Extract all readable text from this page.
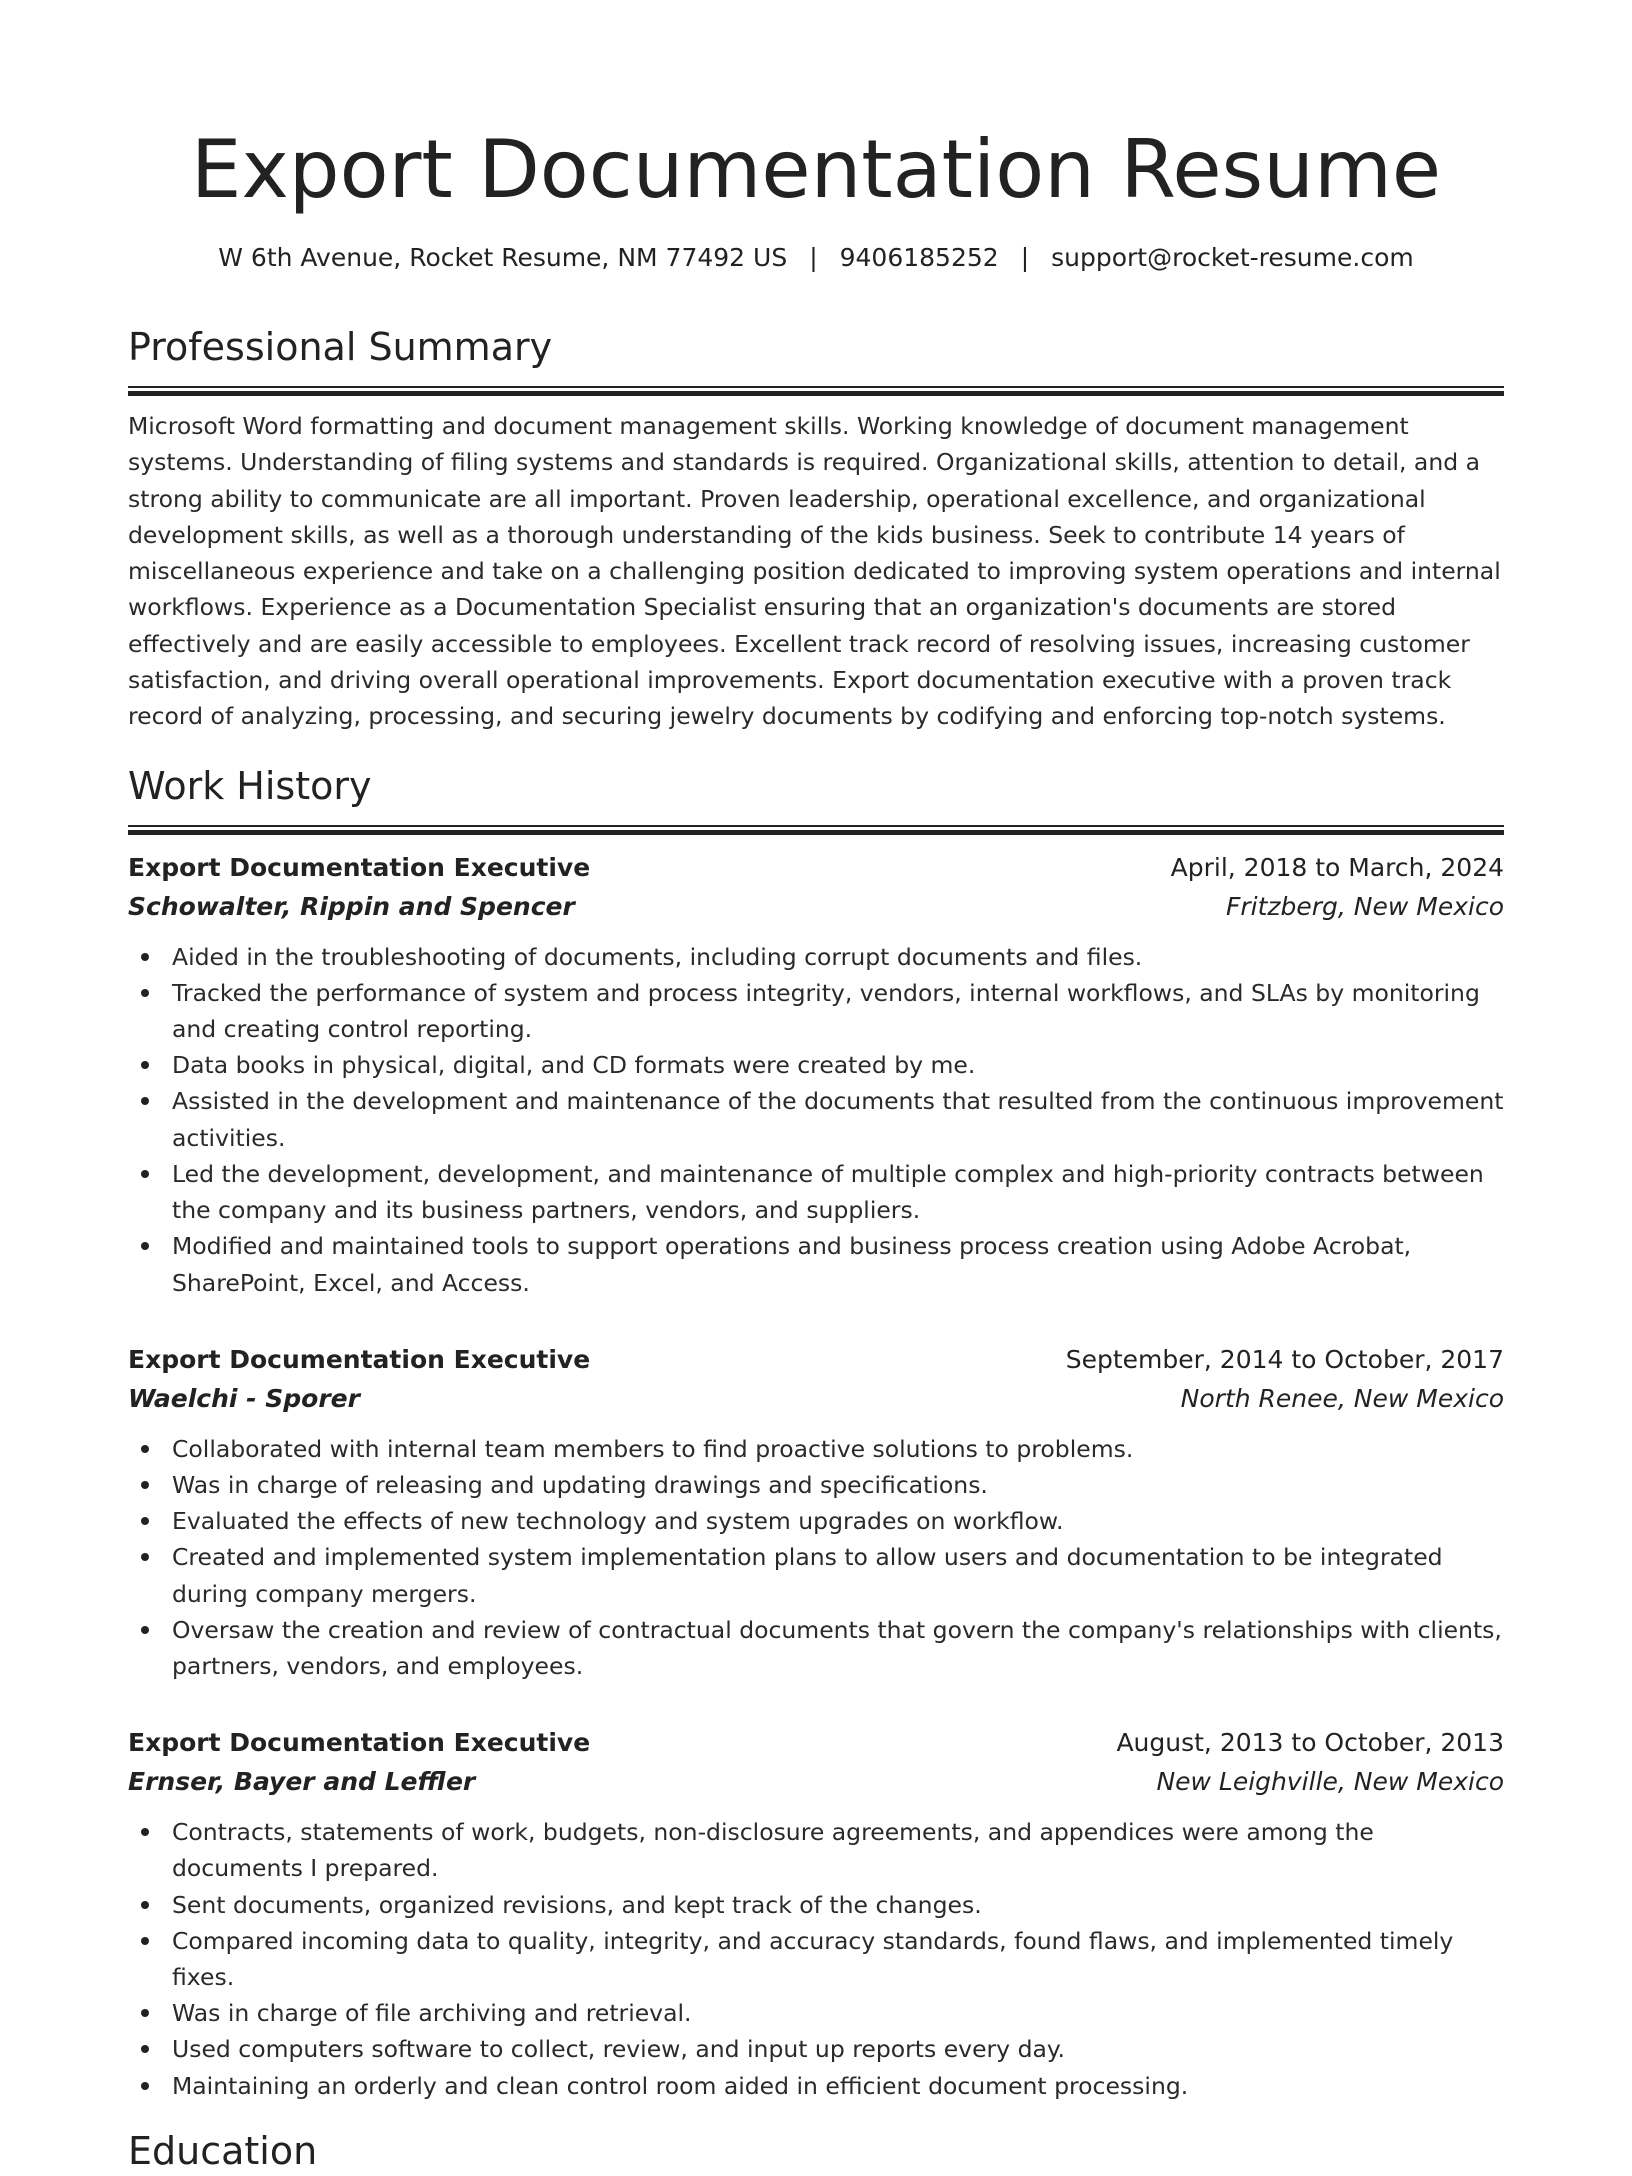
Export Documentation Resume
W 6th Avenue, Rocket Resume, NM 77492 US | 9406185252 | support@rocket-resume.com
Professional Summary
Microsoft Word formatting and document management skills. Working knowledge of document management systems. Understanding of filing systems and standards is required. Organizational skills, attention to detail, and a strong ability to communicate are all important. Proven leadership, operational excellence, and organizational development skills, as well as a thorough understanding of the kids business. Seek to contribute 14 years of miscellaneous experience and take on a challenging position dedicated to improving system operations and internal workflows. Experience as a Documentation Specialist ensuring that an organization's documents are stored effectively and are easily accessible to employees. Excellent track record of resolving issues, increasing customer satisfaction, and driving overall operational improvements. Export documentation executive with a proven track record of analyzing, processing, and securing jewelry documents by codifying and enforcing top-notch systems.
Work History
Export Documentation Executive	April, 2018 to March, 2024
Schowalter, Rippin and Spencer	Fritzberg, New Mexico
Aided in the troubleshooting of documents, including corrupt documents and files.
Tracked the performance of system and process integrity, vendors, internal workflows, and SLAs by monitoring and creating control reporting.
Data books in physical, digital, and CD formats were created by me.
Assisted in the development and maintenance of the documents that resulted from the continuous improvement activities.
Led the development, development, and maintenance of multiple complex and high-priority contracts between the company and its business partners, vendors, and suppliers.
Modified and maintained tools to support operations and business process creation using Adobe Acrobat, SharePoint, Excel, and Access.
Export Documentation Executive	September, 2014 to October, 2017
Waelchi - Sporer	North Renee, New Mexico
Collaborated with internal team members to find proactive solutions to problems.
Was in charge of releasing and updating drawings and specifications.
Evaluated the effects of new technology and system upgrades on workflow.
Created and implemented system implementation plans to allow users and documentation to be integrated during company mergers.
Oversaw the creation and review of contractual documents that govern the company's relationships with clients, partners, vendors, and employees.
Export Documentation Executive	August, 2013 to October, 2013
Ernser, Bayer and Leffler	New Leighville, New Mexico
Contracts, statements of work, budgets, non-disclosure agreements, and appendices were among the documents I prepared.
Sent documents, organized revisions, and kept track of the changes.
Compared incoming data to quality, integrity, and accuracy standards, found flaws, and implemented timely fixes.
Was in charge of file archiving and retrieval.
Used computers software to collect, review, and input up reports every day.
Maintaining an orderly and clean control room aided in efficient document processing.
Education
